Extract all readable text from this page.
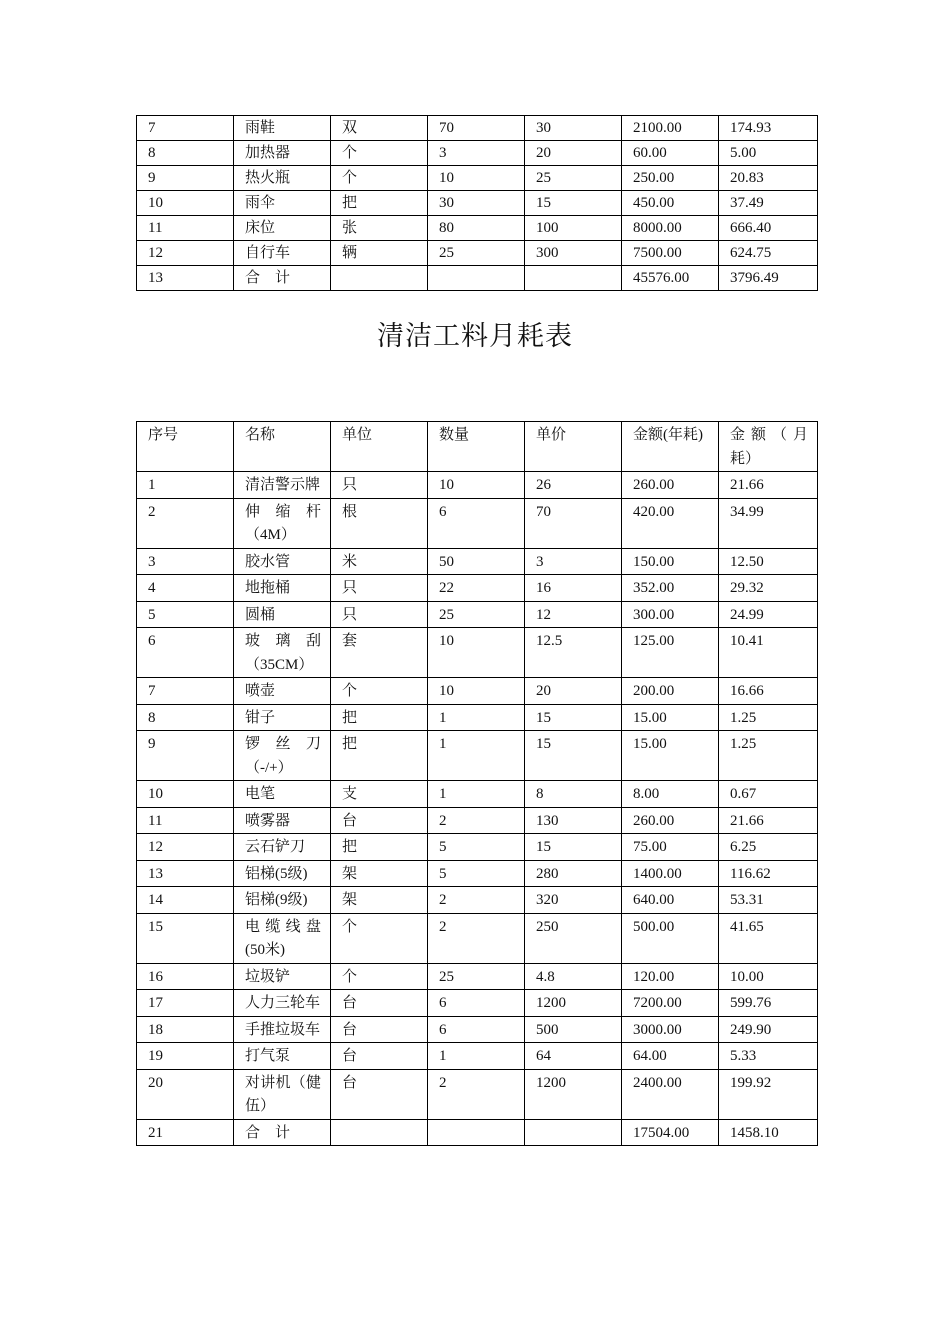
7	雨鞋	双	70	30	2100.00	174.93
8	加热器	个	3	20	60.00	5.00
9	热火瓶	个	10	25	250.00	20.83
10	雨伞	把	30	15	450.00	37.49
11	床位	张	80	100	8000.00	666.40
12	自行车	辆	25	300	7500.00	624.75
13	合　计				45576.00	3796.49
清洁工料月耗表
序号	名称	单位	数量	单价	金额(年耗)	金额（月耗）
1	清洁警示牌	只	10	26	260.00	21.66
2	伸缩杆（4M）	根	6	70	420.00	34.99
3	胶水管	米	50	3	150.00	12.50
4	地拖桶	只	22	16	352.00	29.32
5	圆桶	只	25	12	300.00	24.99
6	玻璃刮（35CM）	套	10	12.5	125.00	10.41
7	喷壶	个	10	20	200.00	16.66
8	钳子	把	1	15	15.00	1.25
9	锣丝刀（-/+）	把	1	15	15.00	1.25
10	电笔	支	1	8	8.00	0.67
11	喷雾器	台	2	130	260.00	21.66
12	云石铲刀	把	5	15	75.00	6.25
13	铝梯(5级)	架	5	280	1400.00	116.62
14	铝梯(9级)	架	2	320	640.00	53.31
15	电缆线盘(50米)	个	2	250	500.00	41.65
16	垃圾铲	个	25	4.8	120.00	10.00
17	人力三轮车	台	6	1200	7200.00	599.76
18	手推垃圾车	台	6	500	3000.00	249.90
19	打气泵	台	1	64	64.00	5.33
20	对讲机（健伍）	台	2	1200	2400.00	199.92
21	合　计				17504.00	1458.10
